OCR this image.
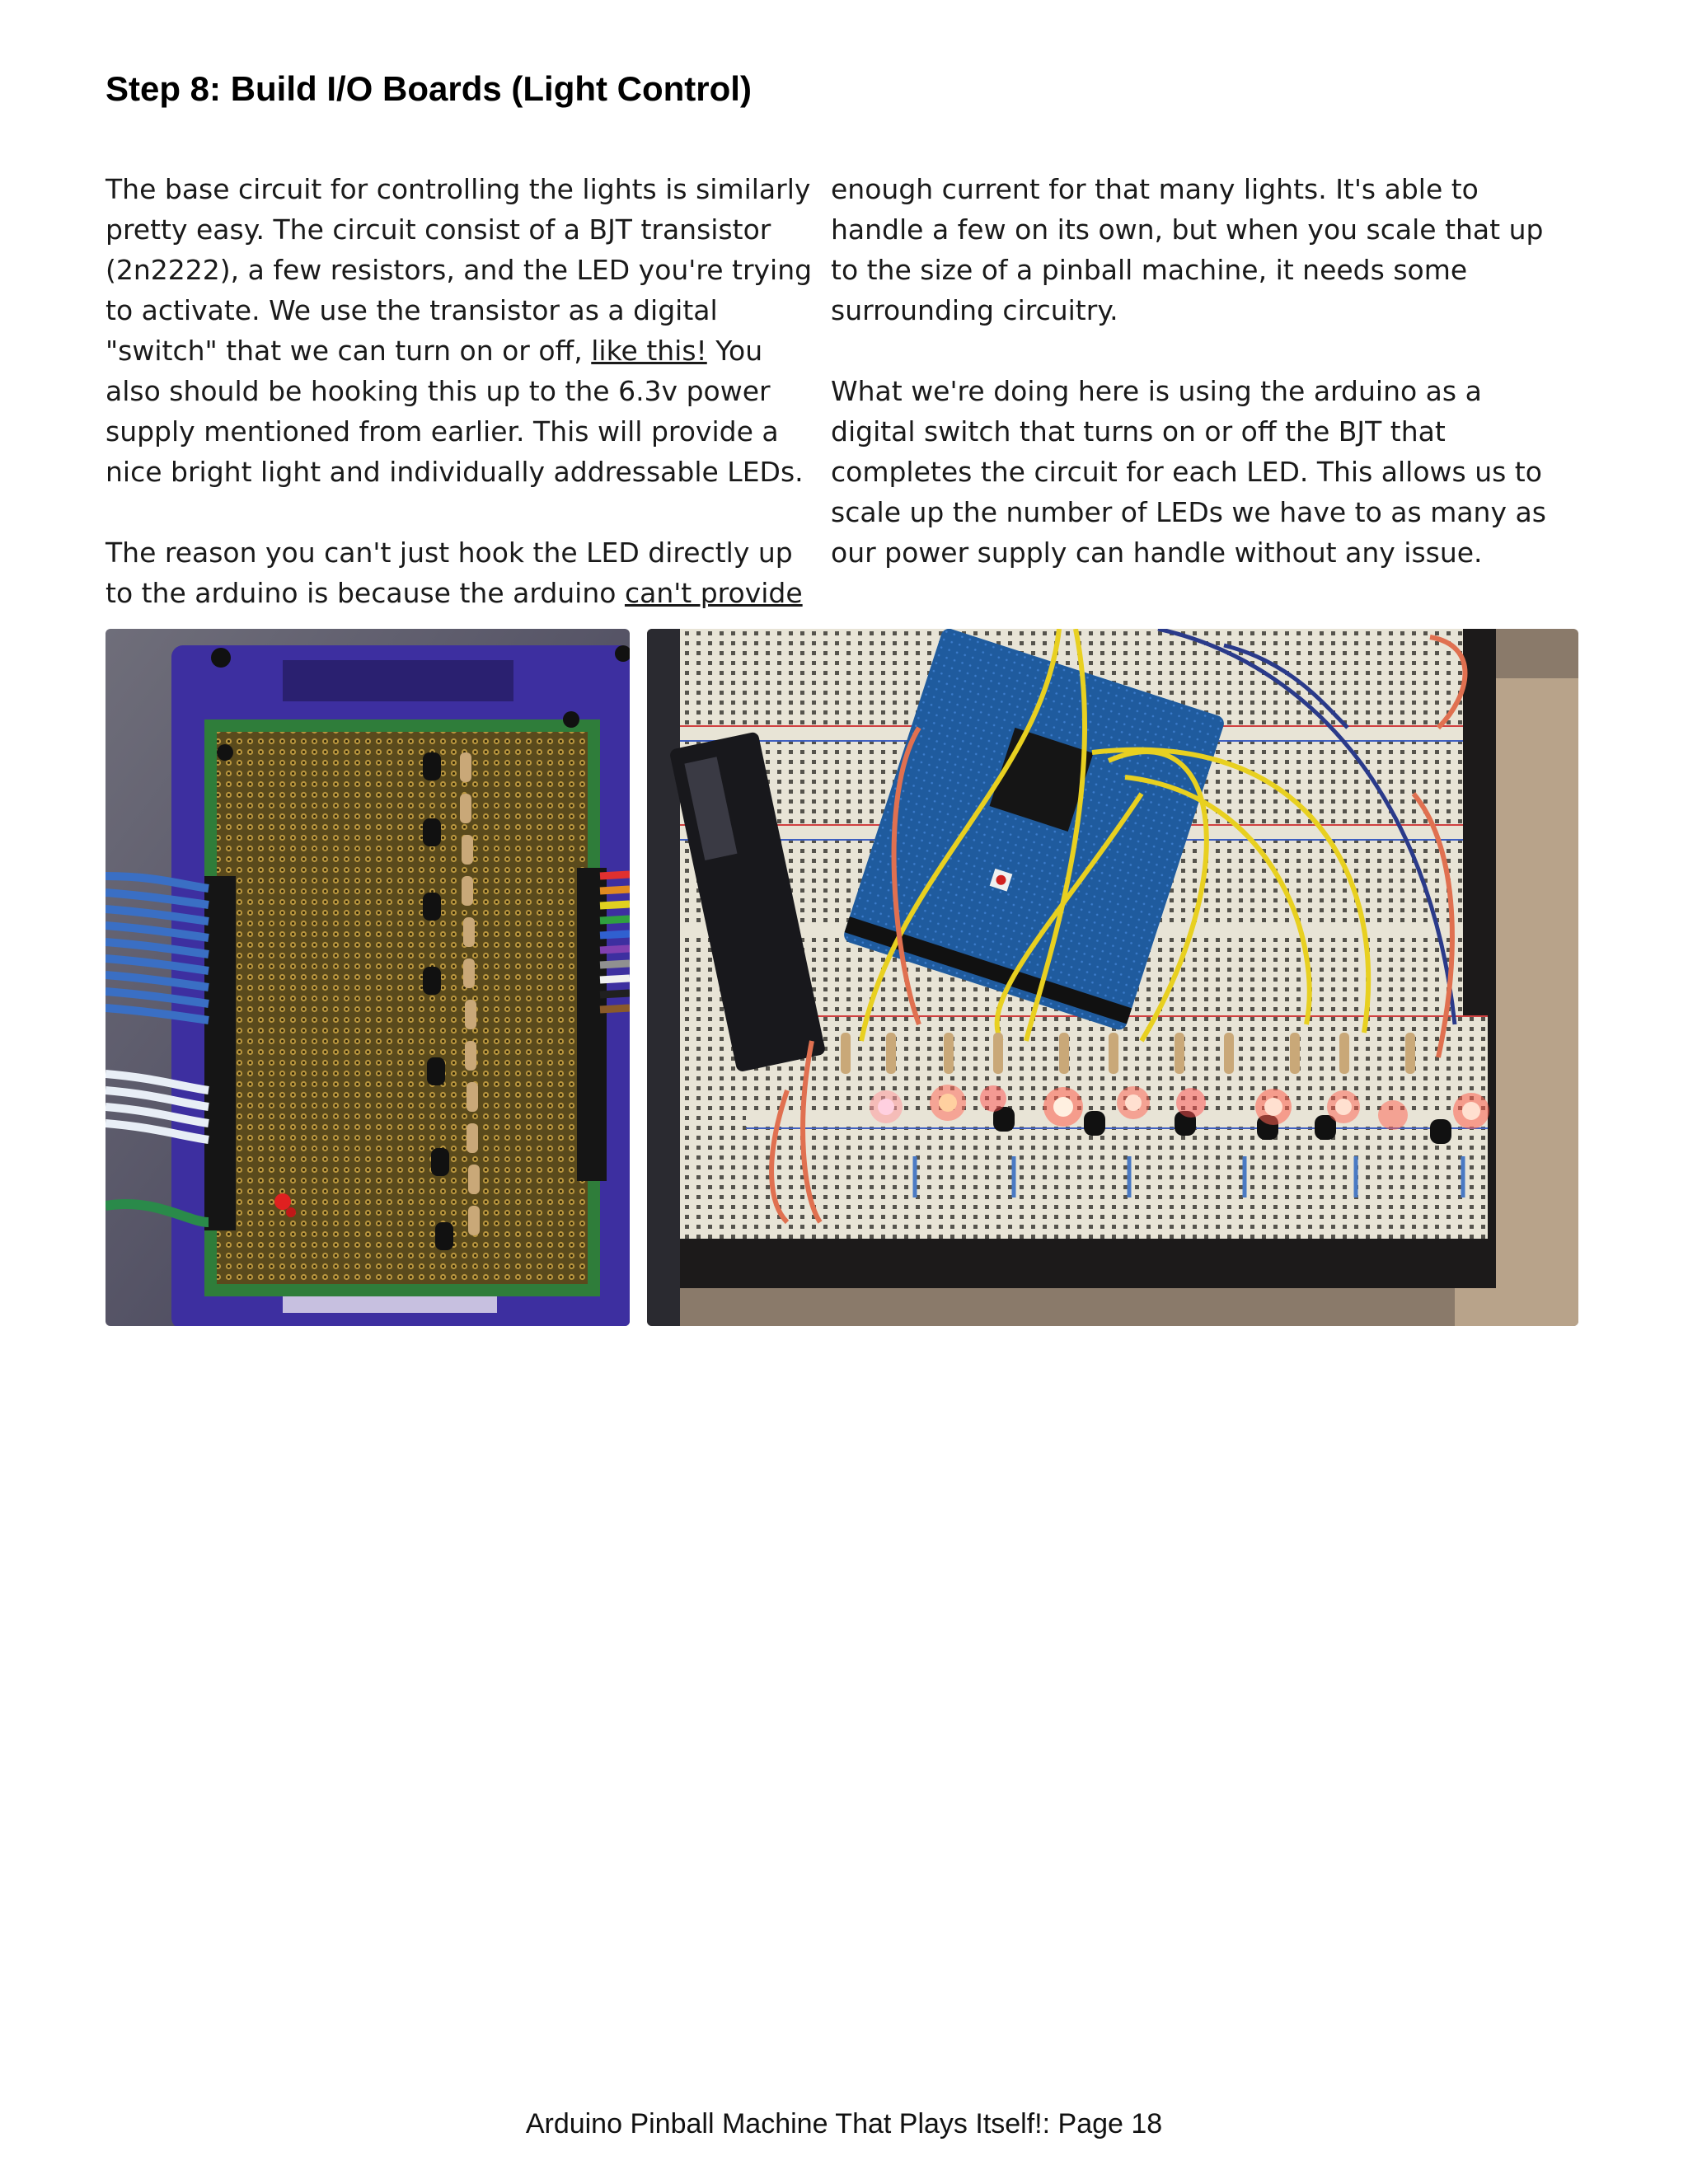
Step 8: Build I/O Boards (Light Control)

The base circuit for controlling the lights is similarly pretty easy. The circuit consist of a BJT transistor (2n2222), a few resistors, and the LED you're trying to activate. We use the transistor as a digital "switch" that we can turn on or off, like this! You also should be hooking this up to the 6.3v power supply mentioned from earlier. This will provide a nice bright light and individually addressable LEDs.

The reason you can't just hook the LED directly up to the arduino is because the arduino can't provide

enough current for that many lights. It's able to handle a few on its own, but when you scale that up to the size of a pinball machine, it needs some surrounding circuitry.

What we're doing here is using the arduino as a digital switch that turns on or off the BJT that completes the circuit for each LED. This allows us to scale up the number of LEDs we have to as many as our power supply can handle without any issue.

Arduino Pinball Machine That Plays Itself!: Page 18
